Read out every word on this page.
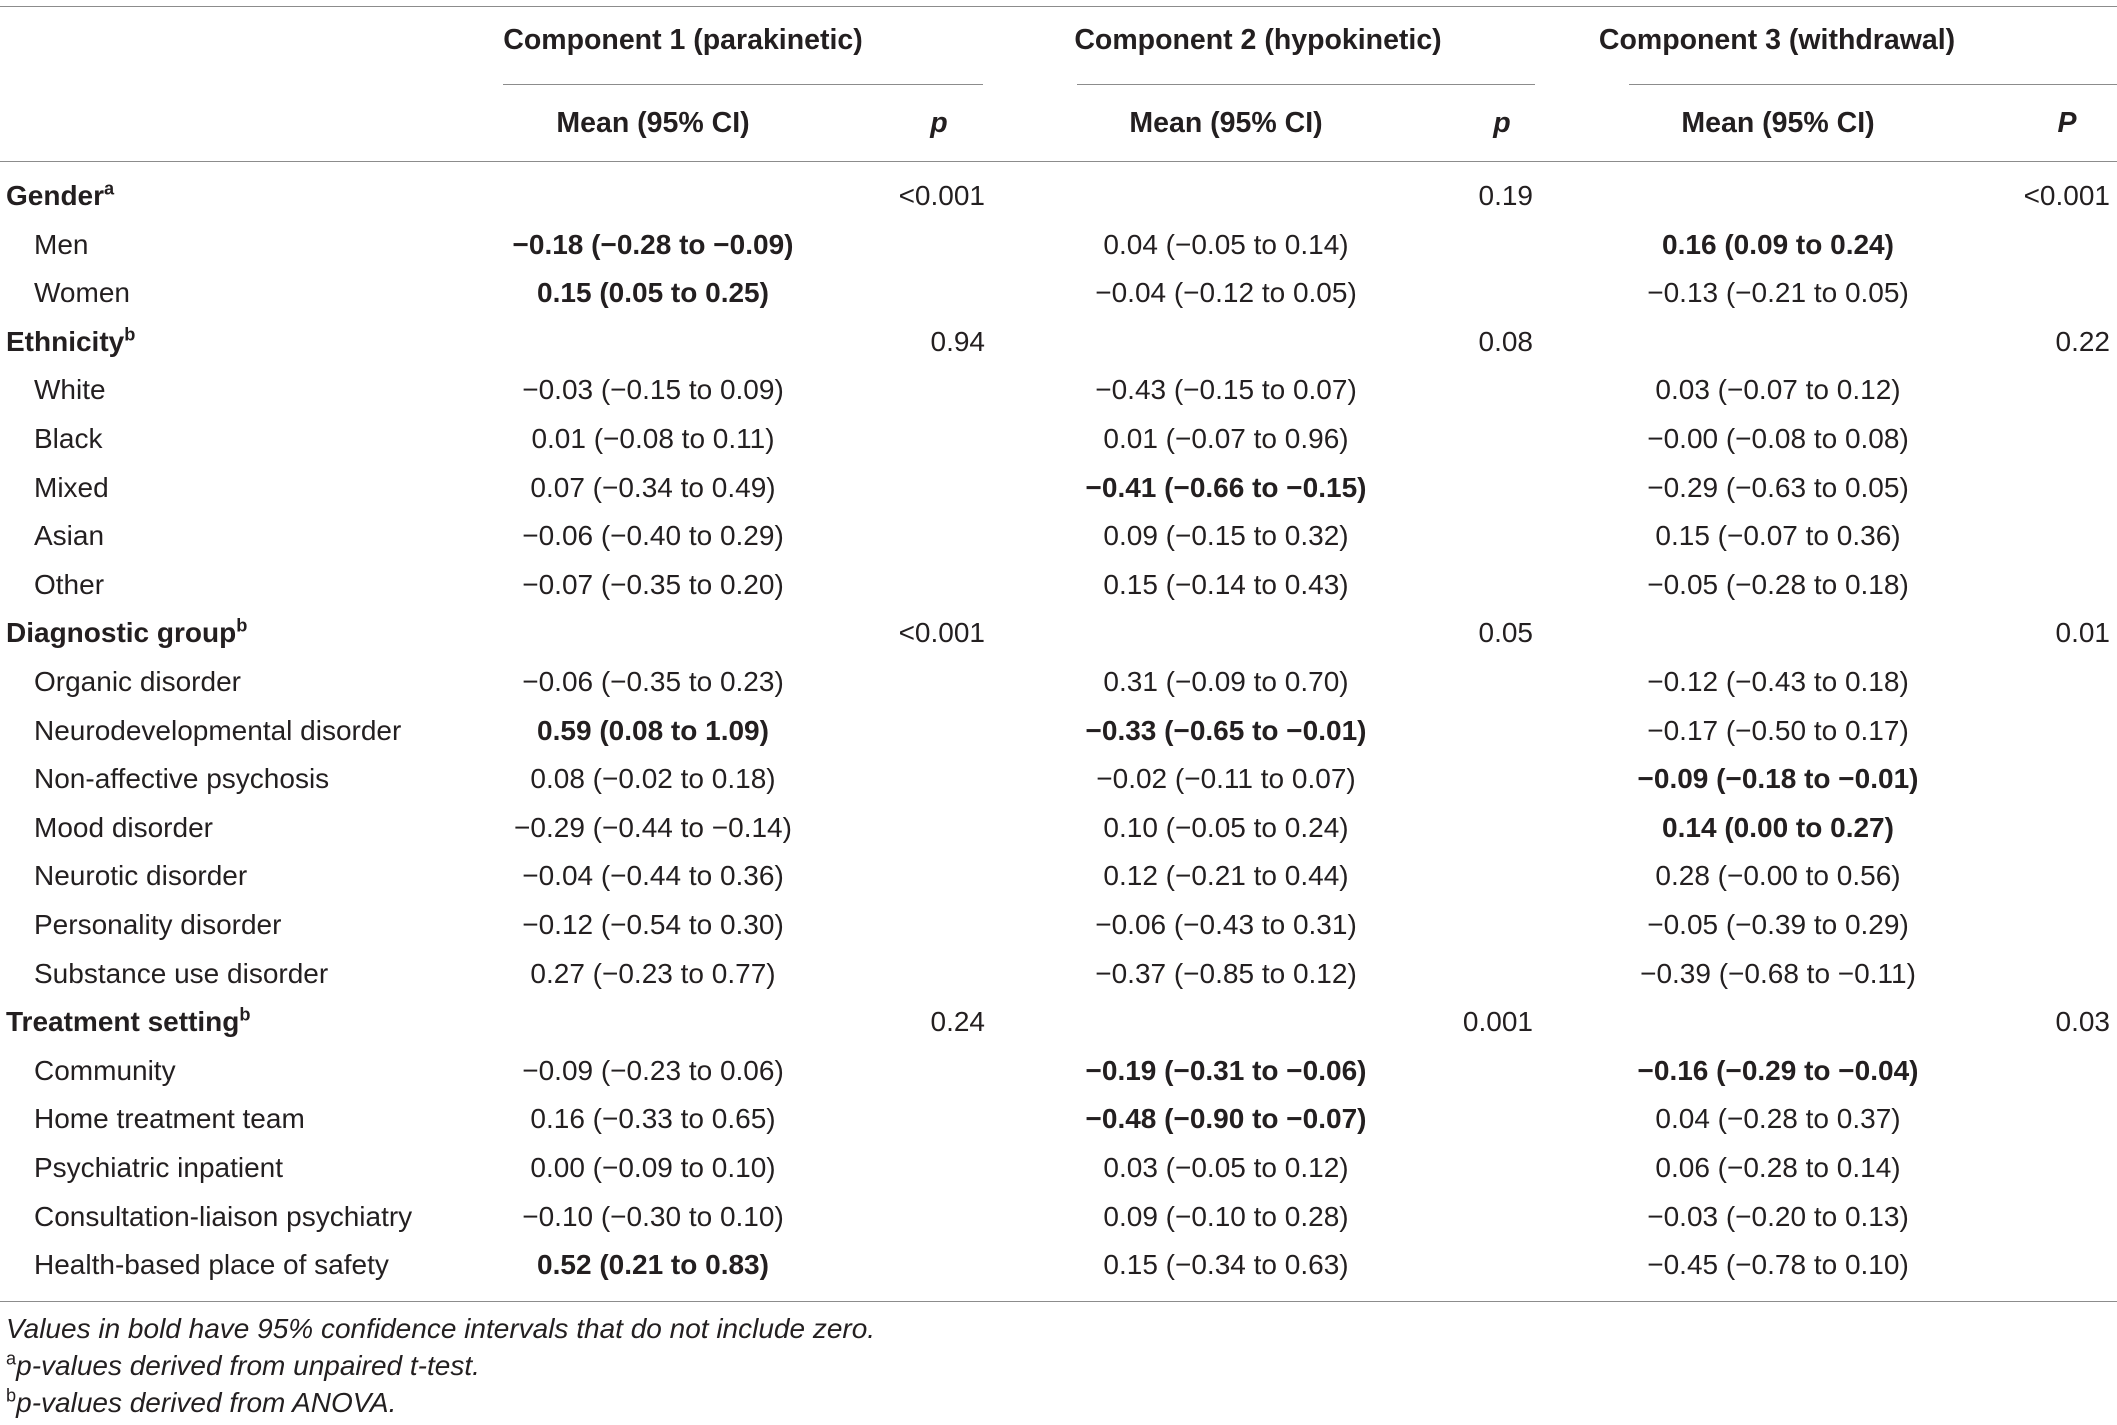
Component 1 (parakinetic)	Component 2 (hypokinetic)	Component 3 (withdrawal)
Mean (95% CI)	p	Mean (95% CI)	p	Mean (95% CI)	P
Gender$^a$	<0.001	0.19	<0.001
Men	−0.18 (−0.28 to −0.09)	0.04 (−0.05 to 0.14)	0.16 (0.09 to 0.24)
Women	0.15 (0.05 to 0.25)	−0.04 (−0.12 to 0.05)	−0.13 (−0.21 to 0.05)
Ethnicity$^b$	0.94	0.08	0.22
White	−0.03 (−0.15 to 0.09)	−0.43 (−0.15 to 0.07)	0.03 (−0.07 to 0.12)
Black	0.01 (−0.08 to 0.11)	0.01 (−0.07 to 0.96)	−0.00 (−0.08 to 0.08)
Mixed	0.07 (−0.34 to 0.49)	−0.41 (−0.66 to −0.15)	−0.29 (−0.63 to 0.05)
Asian	−0.06 (−0.40 to 0.29)	0.09 (−0.15 to 0.32)	0.15 (−0.07 to 0.36)
Other	−0.07 (−0.35 to 0.20)	0.15 (−0.14 to 0.43)	−0.05 (−0.28 to 0.18)
Diagnostic group$^b$	<0.001	0.05	0.01
Organic disorder	−0.06 (−0.35 to 0.23)	0.31 (−0.09 to 0.70)	−0.12 (−0.43 to 0.18)
Neurodevelopmental disorder	0.59 (0.08 to 1.09)	−0.33 (−0.65 to −0.01)	−0.17 (−0.50 to 0.17)
Non-affective psychosis	0.08 (−0.02 to 0.18)	−0.02 (−0.11 to 0.07)	−0.09 (−0.18 to −0.01)
Mood disorder	−0.29 (−0.44 to −0.14)	0.10 (−0.05 to 0.24)	0.14 (0.00 to 0.27)
Neurotic disorder	−0.04 (−0.44 to 0.36)	0.12 (−0.21 to 0.44)	0.28 (−0.00 to 0.56)
Personality disorder	−0.12 (−0.54 to 0.30)	−0.06 (−0.43 to 0.31)	−0.05 (−0.39 to 0.29)
Substance use disorder	0.27 (−0.23 to 0.77)	−0.37 (−0.85 to 0.12)	−0.39 (−0.68 to −0.11)
Treatment setting$^b$	0.24	0.001	0.03
Community	−0.09 (−0.23 to 0.06)	−0.19 (−0.31 to −0.06)	−0.16 (−0.29 to −0.04)
Home treatment team	0.16 (−0.33 to 0.65)	−0.48 (−0.90 to −0.07)	0.04 (−0.28 to 0.37)
Psychiatric inpatient	0.00 (−0.09 to 0.10)	0.03 (−0.05 to 0.12)	0.06 (−0.28 to 0.14)
Consultation-liaison psychiatry	−0.10 (−0.30 to 0.10)	0.09 (−0.10 to 0.28)	−0.03 (−0.20 to 0.13)
Health-based place of safety	0.52 (0.21 to 0.83)	0.15 (−0.34 to 0.63)	−0.45 (−0.78 to 0.10)
Values in bold have 95% confidence intervals that do not include zero.
$^a$p-values derived from unpaired t-test.
$^b$p-values derived from ANOVA.
